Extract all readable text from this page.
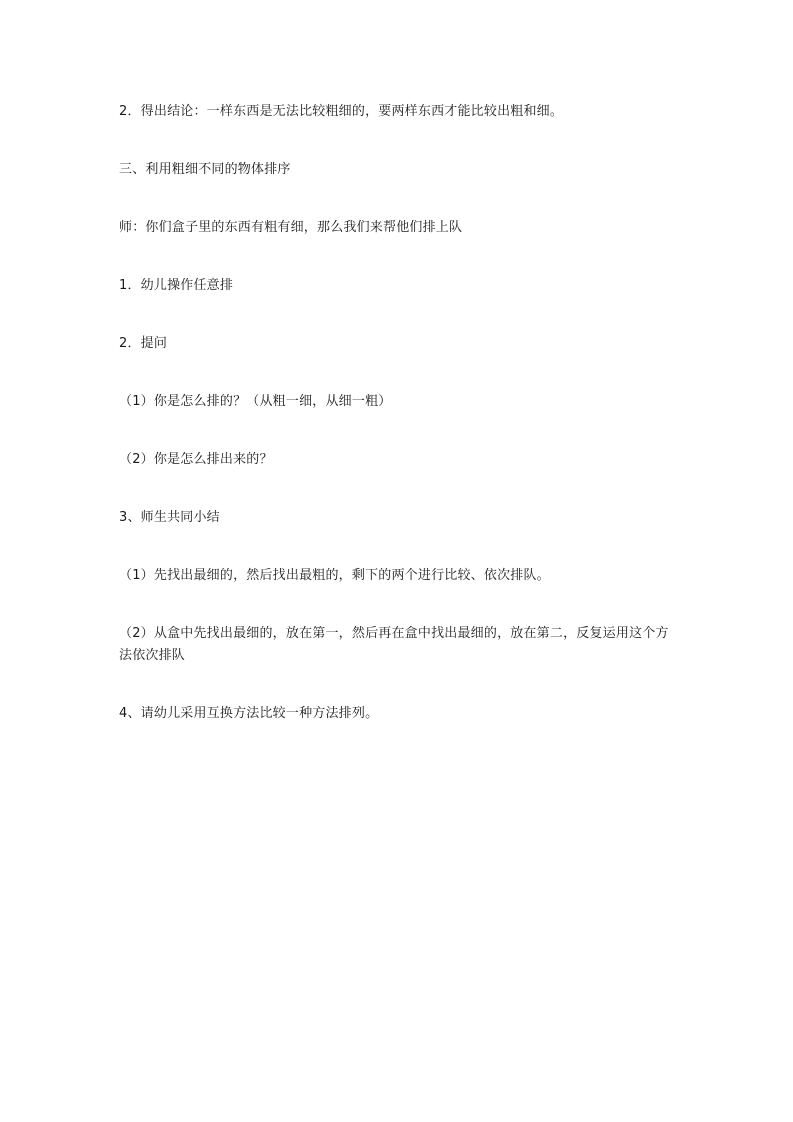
2．得出结论：一样东西是无法比较粗细的，要两样东西才能比较出粗和细。

三、利用粗细不同的物体排序

师：你们盒子里的东西有粗有细，那么我们来帮他们排上队

1．幼儿操作任意排

2．提问

（1）你是怎么排的？（从粗一细，从细一粗）

（2）你是怎么排出来的？

3、师生共同小结

（1）先找出最细的，然后找出最粗的，剩下的两个进行比较、依次排队。

（2）从盒中先找出最细的，放在第一，然后再在盒中找出最细的，放在第二，反复运用这个方法依次排队

4、请幼儿采用互换方法比较一种方法排列。
